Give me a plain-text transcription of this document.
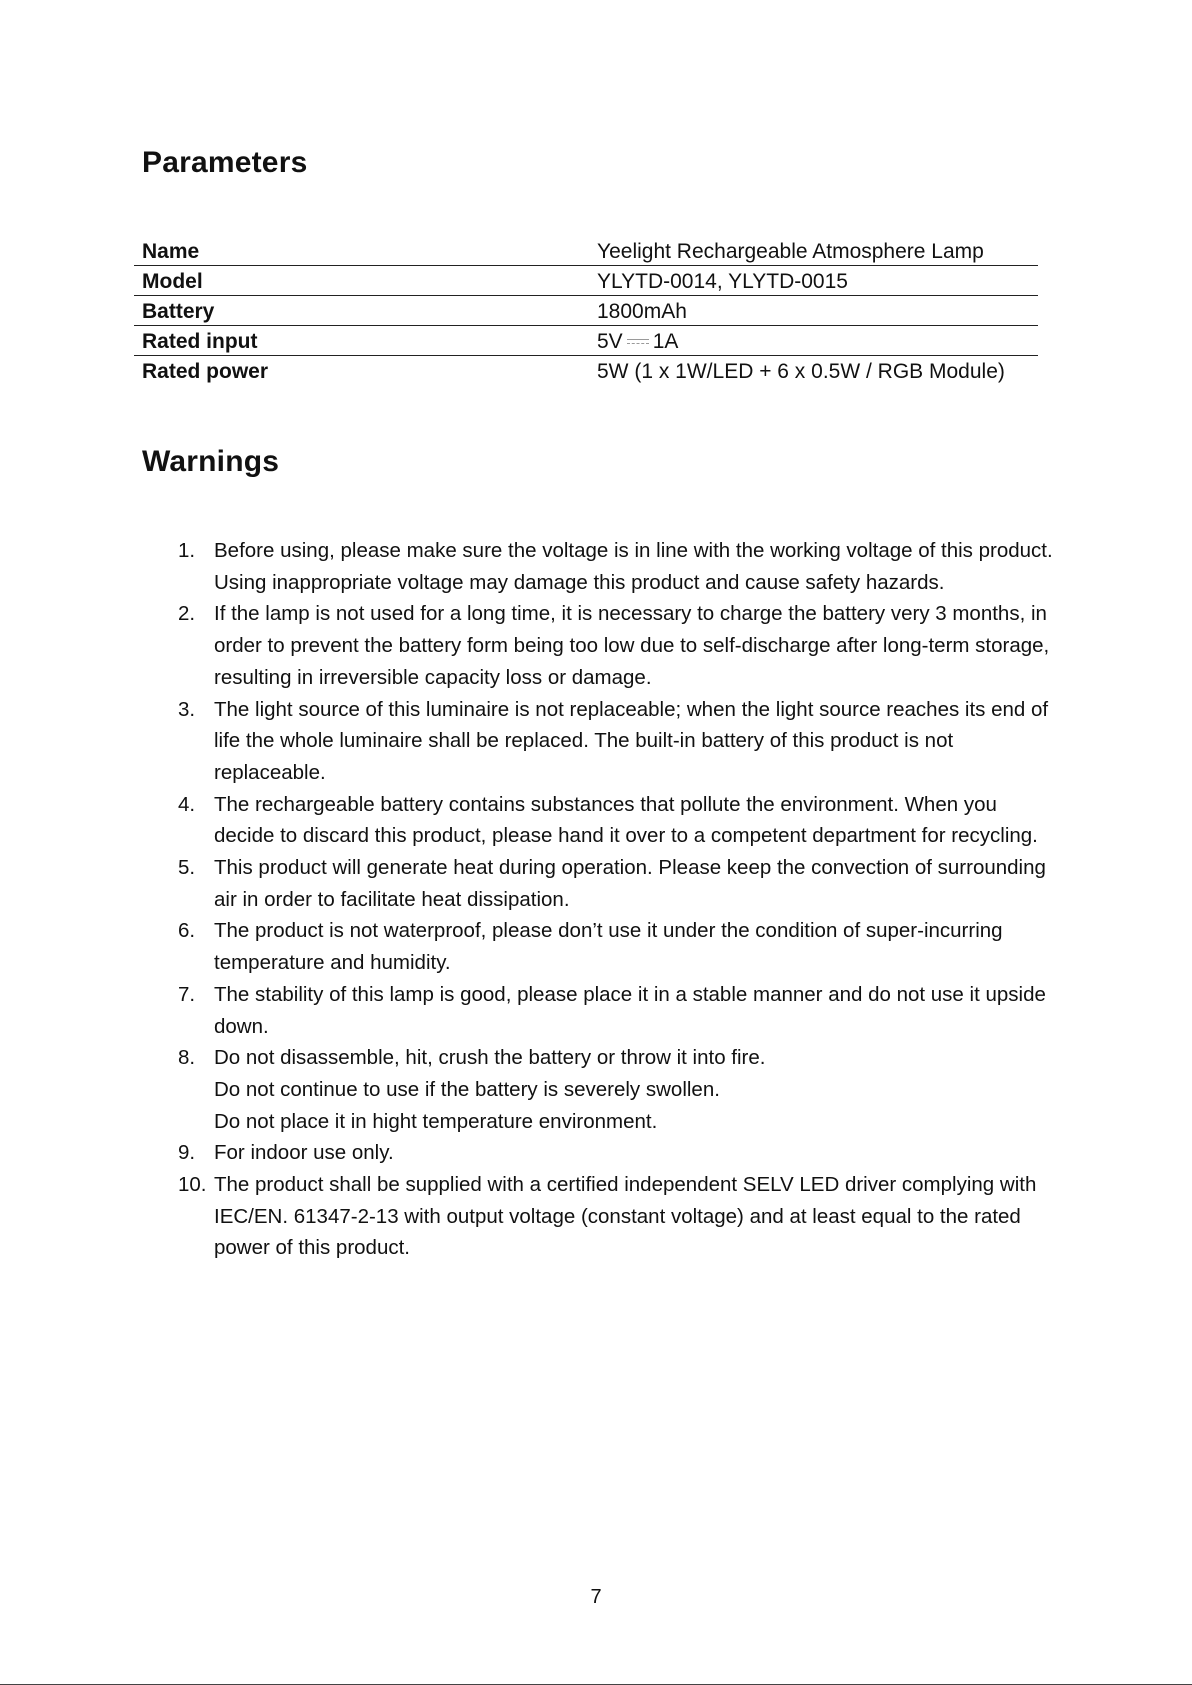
Parameters
Name	Yeelight Rechargeable Atmosphere Lamp
Model	YLYTD-0014, YLYTD-0015
Battery	1800mAh
Rated input	5V 1A
Rated power	5W (1 x 1W/LED + 6 x 0.5W / RGB Module)
Warnings
1. Before using, please make sure the voltage is in line with the working voltage of this product. Using inappropriate voltage may damage this product and cause safety hazards.
2. If the lamp is not used for a long time, it is necessary to charge the battery very 3 months, in order to prevent the battery form being too low due to self-discharge after long-term storage, resulting in irreversible capacity loss or damage.
3. The light source of this luminaire is not replaceable; when the light source reaches its end of life the whole luminaire shall be replaced. The built-in battery of this product is not replaceable.
4. The rechargeable battery contains substances that pollute the environment. When you decide to discard this product, please hand it over to a competent department for recycling.
5. This product will generate heat during operation. Please keep the convection of surrounding air in order to facilitate heat dissipation.
6. The product is not waterproof, please don’t use it under the condition of super-incurring temperature and humidity.
7. The stability of this lamp is good, please place it in a stable manner and do not use it upside down.
8. Do not disassemble, hit, crush the battery or throw it into fire.
Do not continue to use if the battery is severely swollen.
Do not place it in hight temperature environment.
9. For indoor use only.
10. The product shall be supplied with a certified independent SELV LED driver complying with IEC/EN. 61347-2-13 with output voltage (constant voltage) and at least equal to the rated power of this product.
7
